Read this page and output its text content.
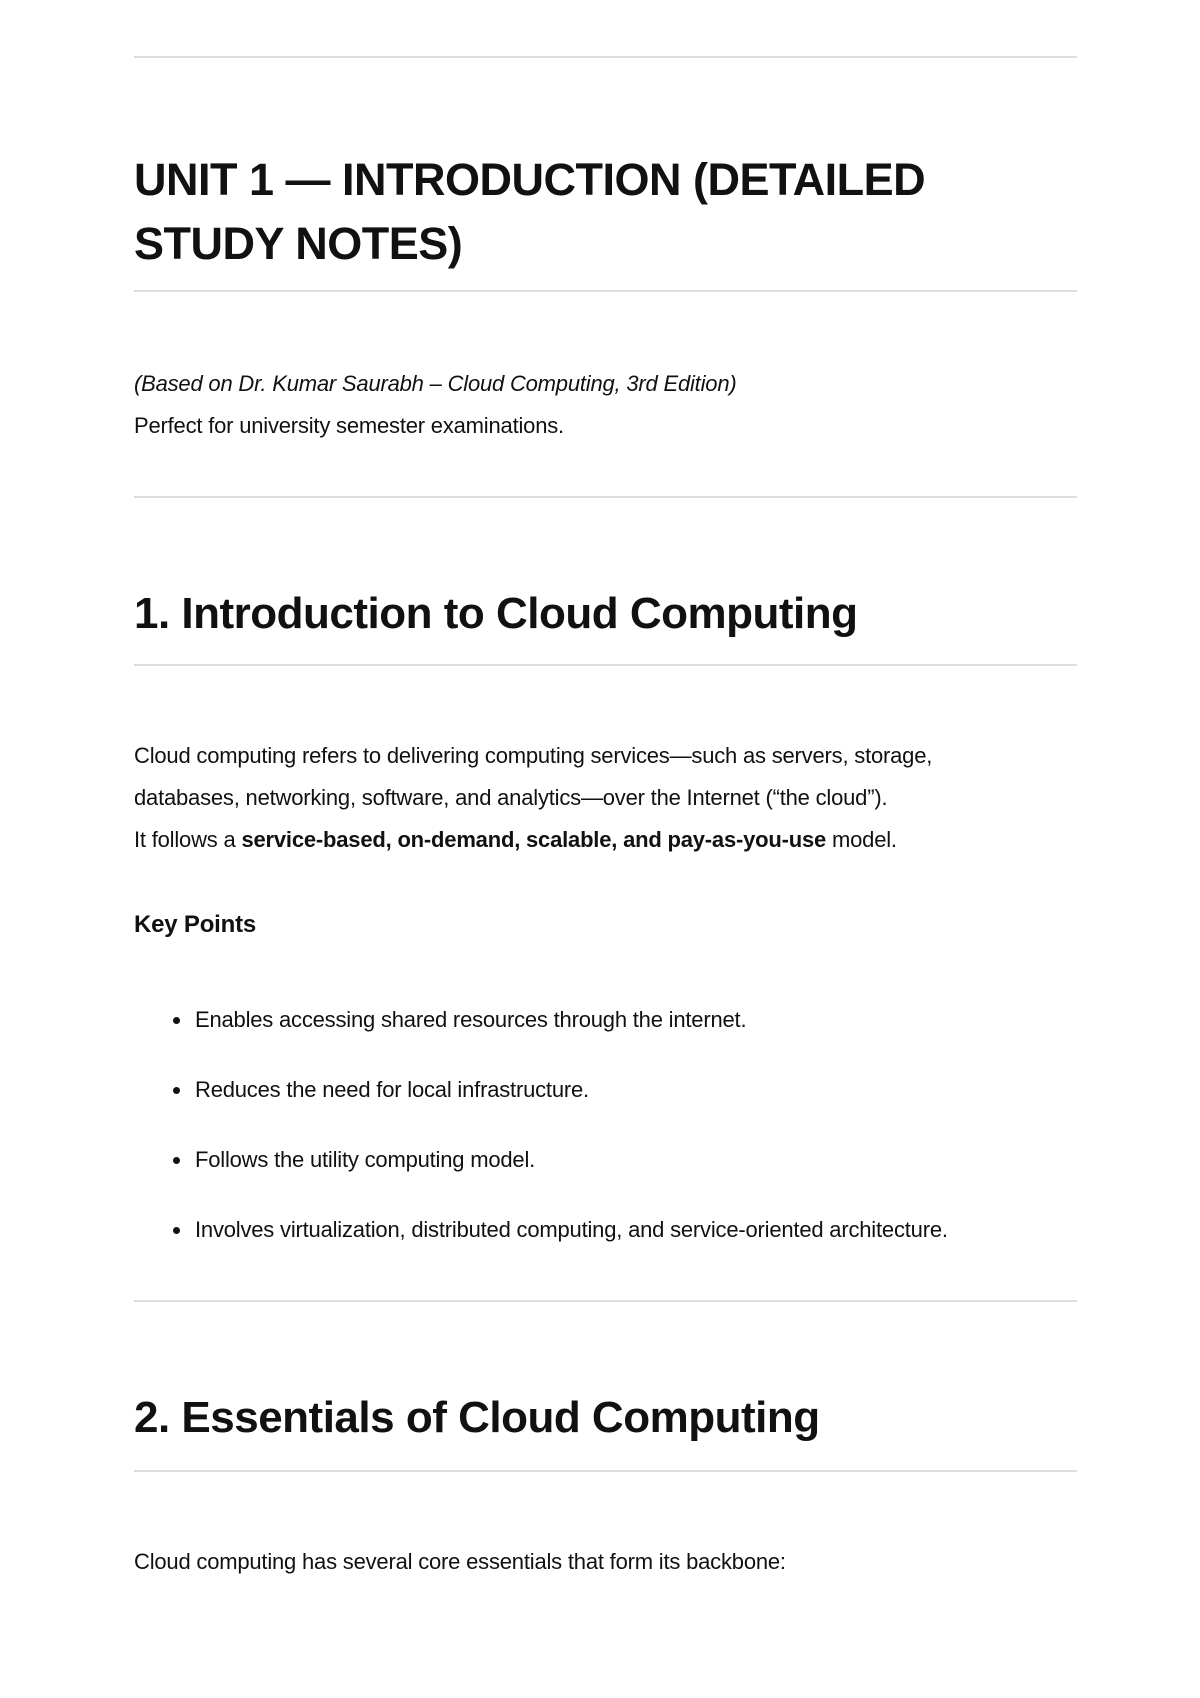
UNIT 1 — INTRODUCTION (DETAILED
STUDY NOTES)

(Based on Dr. Kumar Saurabh – Cloud Computing, 3rd Edition)

Perfect for university semester examinations.

1. Introduction to Cloud Computing

Cloud computing refers to delivering computing services—such as servers, storage,

databases, networking, software, and analytics—over the Internet (“the cloud”).

It follows a service-based, on-demand, scalable, and pay-as-you-use model.

Key Points
Enables accessing shared resources through the internet.
Reduces the need for local infrastructure.
Follows the utility computing model.
Involves virtualization, distributed computing, and service-oriented architecture.
2. Essentials of Cloud Computing

Cloud computing has several core essentials that form its backbone:
